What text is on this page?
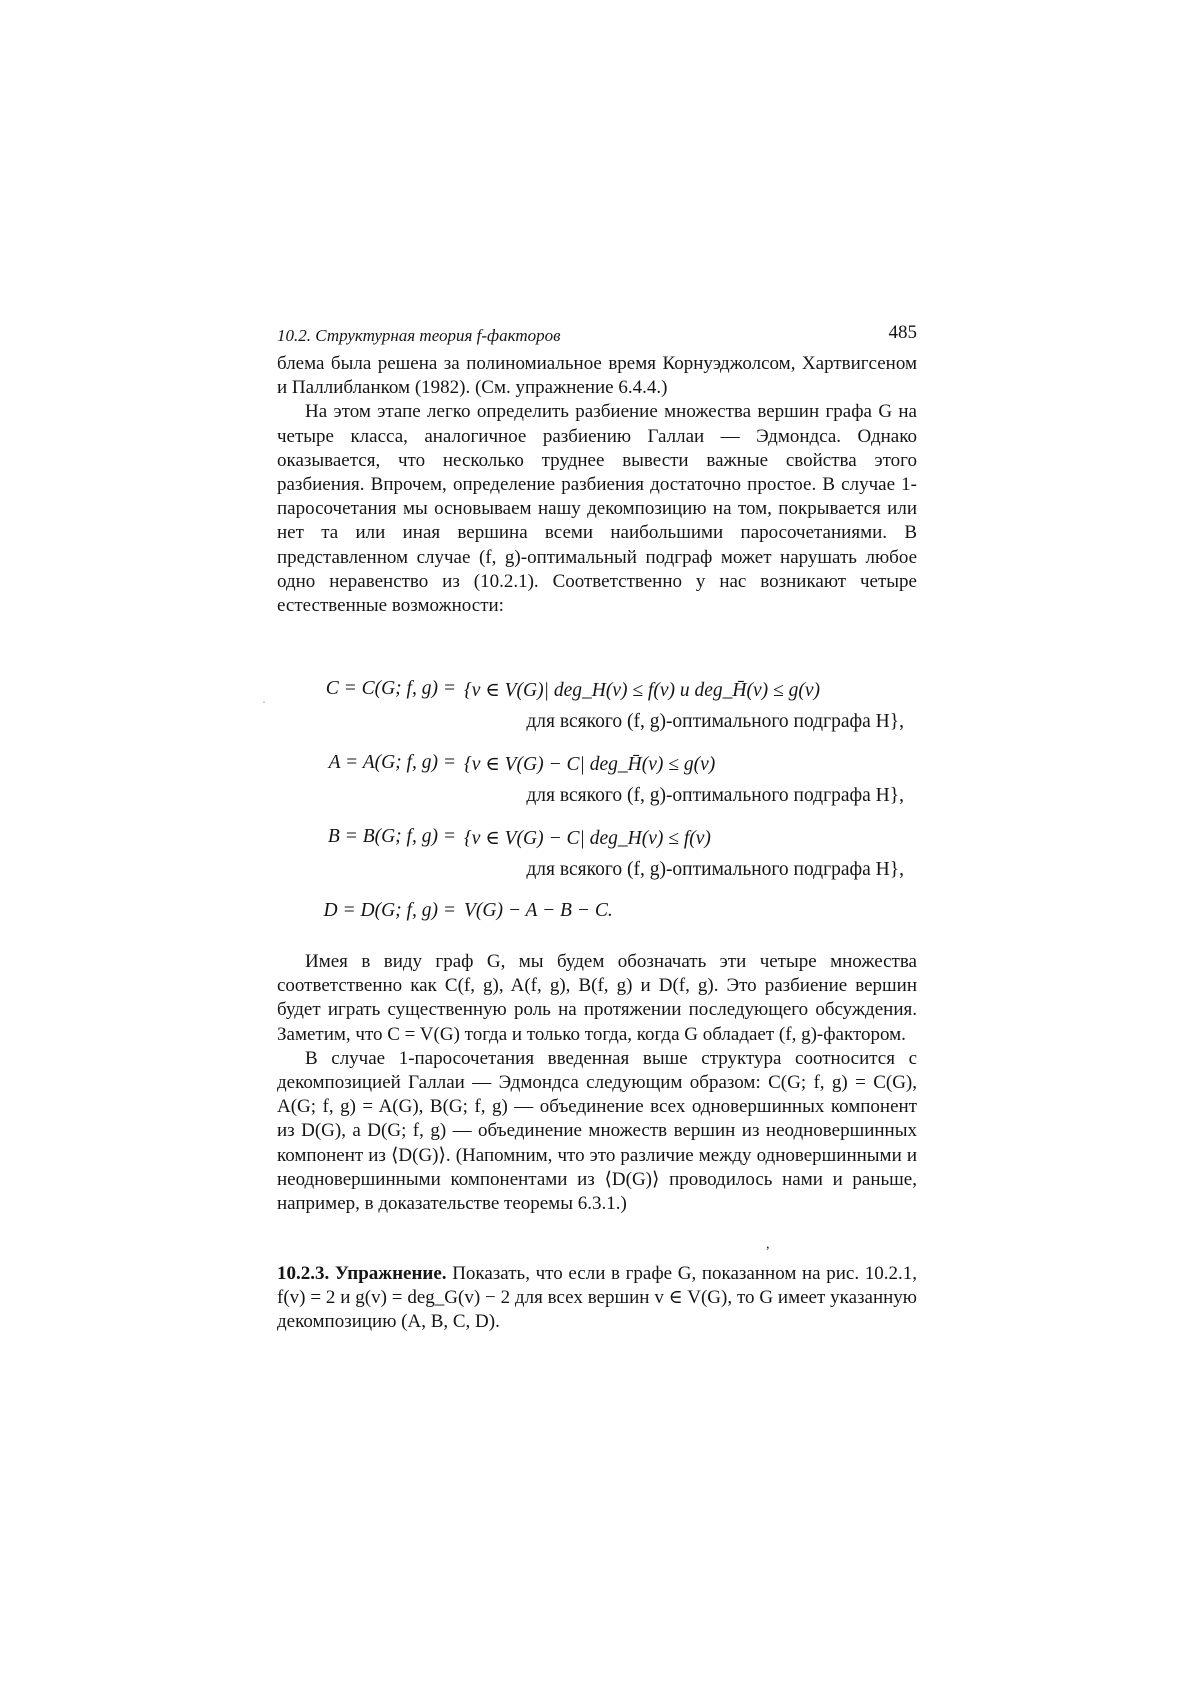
10.2. Структурная теория f-факторов	485

блема была решена за полиномиальное время Корнуэджолсом, Хартвигсеном и Паллибланком (1982). (См. упражнение 6.4.4.)

На этом этапе легко определить разбиение множества вершин графа G на четыре класса, аналогичное разбиению Галлаи — Эдмондса. Однако оказывается, что несколько труднее вывести важные свойства этого разбиения. Впрочем, определение разбиения достаточно простое. В случае 1-паросочетания мы основываем нашу декомпозицию на том, покрывается или нет та или иная вершина всеми наибольшими паросочетаниями. В представленном случае (f, g)-оптимальный подграф может нарушать любое одно неравенство из (10.2.1). Соответственно у нас возникают четыре естественные возможности:

·
C = C(G; f, g) = {v ∈ V(G)| deg_H(v) ≤ f(v) и deg_H̄(v) ≤ g(v)
для всякого (f, g)-оптимального подграфа H},
A = A(G; f, g) = {v ∈ V(G) − C| deg_H̄(v) ≤ g(v)
для всякого (f, g)-оптимального подграфа H},
B = B(G; f, g) = {v ∈ V(G) − C| deg_H(v) ≤ f(v)
для всякого (f, g)-оптимального подграфа H},
D = D(G; f, g) = V(G) − A − B − C.

Имея в виду граф G, мы будем обозначать эти четыре множества соответственно как C(f, g), A(f, g), B(f, g) и D(f, g). Это разбиение вершин будет играть существенную роль на протяжении последующего обсуждения. Заметим, что C = V(G) тогда и только тогда, когда G обладает (f, g)-фактором.

В случае 1-паросочетания введенная выше структура соотносится с декомпозицией Галлаи — Эдмондса следующим образом: C(G; f, g) = C(G), A(G; f, g) = A(G), B(G; f, g) — объединение всех одновершинных компонент из D(G), а D(G; f, g) — объединение множеств вершин из неодновершинных компонент из ⟨D(G)⟩. (Напомним, что это различие между одновершинными и неодновершинными компонентами из ⟨D(G)⟩ проводилось нами и раньше, например, в доказательстве теоремы 6.3.1.)

,

10.2.3. Упражнение. Показать, что если в графе G, показанном на рис. 10.2.1, f(v) = 2 и g(v) = deg_G(v) − 2 для всех вершин v ∈ V(G), то G имеет указанную декомпозицию (A, B, C, D).
